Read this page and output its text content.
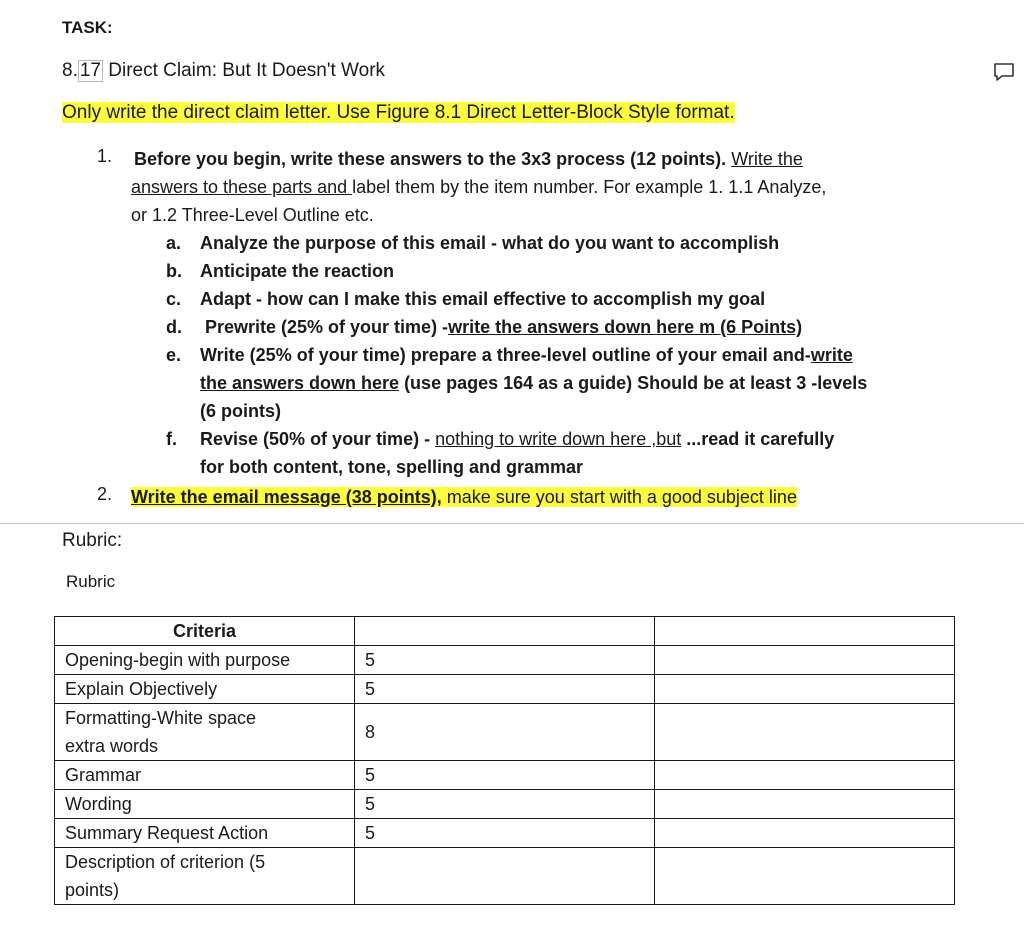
TASK:
8. 17 Direct Claim: But It Doesn't Work
Only write the direct claim letter. Use Figure 8.1 Direct Letter-Block Style format.
1. Before you begin, write these answers to the 3x3 process (12 points). Write the
answers to these parts and label them by the item number. For example 1. 1.1 Analyze,
or 1.2 Three-Level Outline etc.
a. Analyze the purpose of this email - what do you want to accomplish
b. Anticipate the reaction
c. Adapt - how can I make this email effective to accomplish my goal
d. Prewrite (25% of your time) -write the answers down here m (6 Points)
e. Write (25% of your time) prepare a three-level outline of your email and-write
the answers down here (use pages 164 as a guide) Should be at least 3 -levels
(6 points)
f. Revise (50% of your time) - nothing to write down here ,but ...read it carefully
for both content, tone, spelling and grammar
2. Write the email message (38 points), make sure you start with a good subject line
Rubric:
Rubric
Criteria		
Opening-begin with purpose	5	
Explain Objectively	5	

Formatting-White space
extra words	8	
Grammar	5	
Wording	5	
Summary Request Action	5	

Description of criterion (5
points)		
